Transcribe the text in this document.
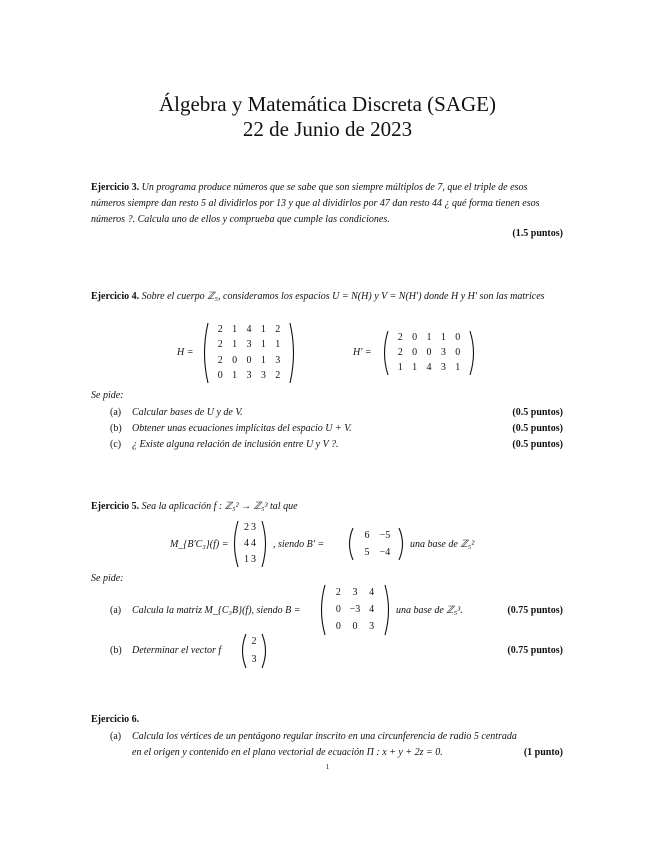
Álgebra y Matemática Discreta (SAGE)
22 de Junio de 2023
Ejercicio 3. Un programa produce números que se sabe que son siempre múltiplos de 7, que el triple de esos números siempre dan resto 5 al dividirlos por 13 y que al dividirlos por 47 dan resto 44 ¿ qué forma tienen esos números ?. Calcula uno de ellos y comprueba que cumple las condiciones.
(1.5 puntos)
Ejercicio 4. Sobre el cuerpo ℤ₅, consideramos los espacios U = N(H) y V = N(H′) donde H y H′ son las matrices
H =
2 1 4 1 2
2 1 3 1 1
2 0 0 1 3
0 1 3 3 2
H′ =
2 0 1 1 0
2 0 0 3 0
1 1 4 3 1
Se pide:
(a) Calcular bases de U y de V.	(0.5 puntos)
(b) Obtener unas ecuaciones implícitas del espacio U + V.	(0.5 puntos)
(c) ¿ Existe alguna relación de inclusión entre U y V ?.	(0.5 puntos)
Ejercicio 5. Sea la aplicación f : ℤ₅² → ℤ₅³ tal que
M_{B′C₃}(f) =
2 3
4 4
1 3
, siendo B′ =
6	−5
5	−4
una base de ℤ₅²
Se pide:
(a) Calcula la matriz M_{C₃B}(f), siendo B =
2	3	4
0 −3 4
0	0	3
una base de ℤ₅³.	(0.75 puntos)
(b) Determinar el vector f
2
3
(0.75 puntos)
Ejercicio 6.
(a) Calcula los vértices de un pentágono regular inscrito en una circunferencia de radio 5 centrada
en el origen y contenido en el plano vectorial de ecuación Π : x + y + 2z = 0.	(1 punto)
1
